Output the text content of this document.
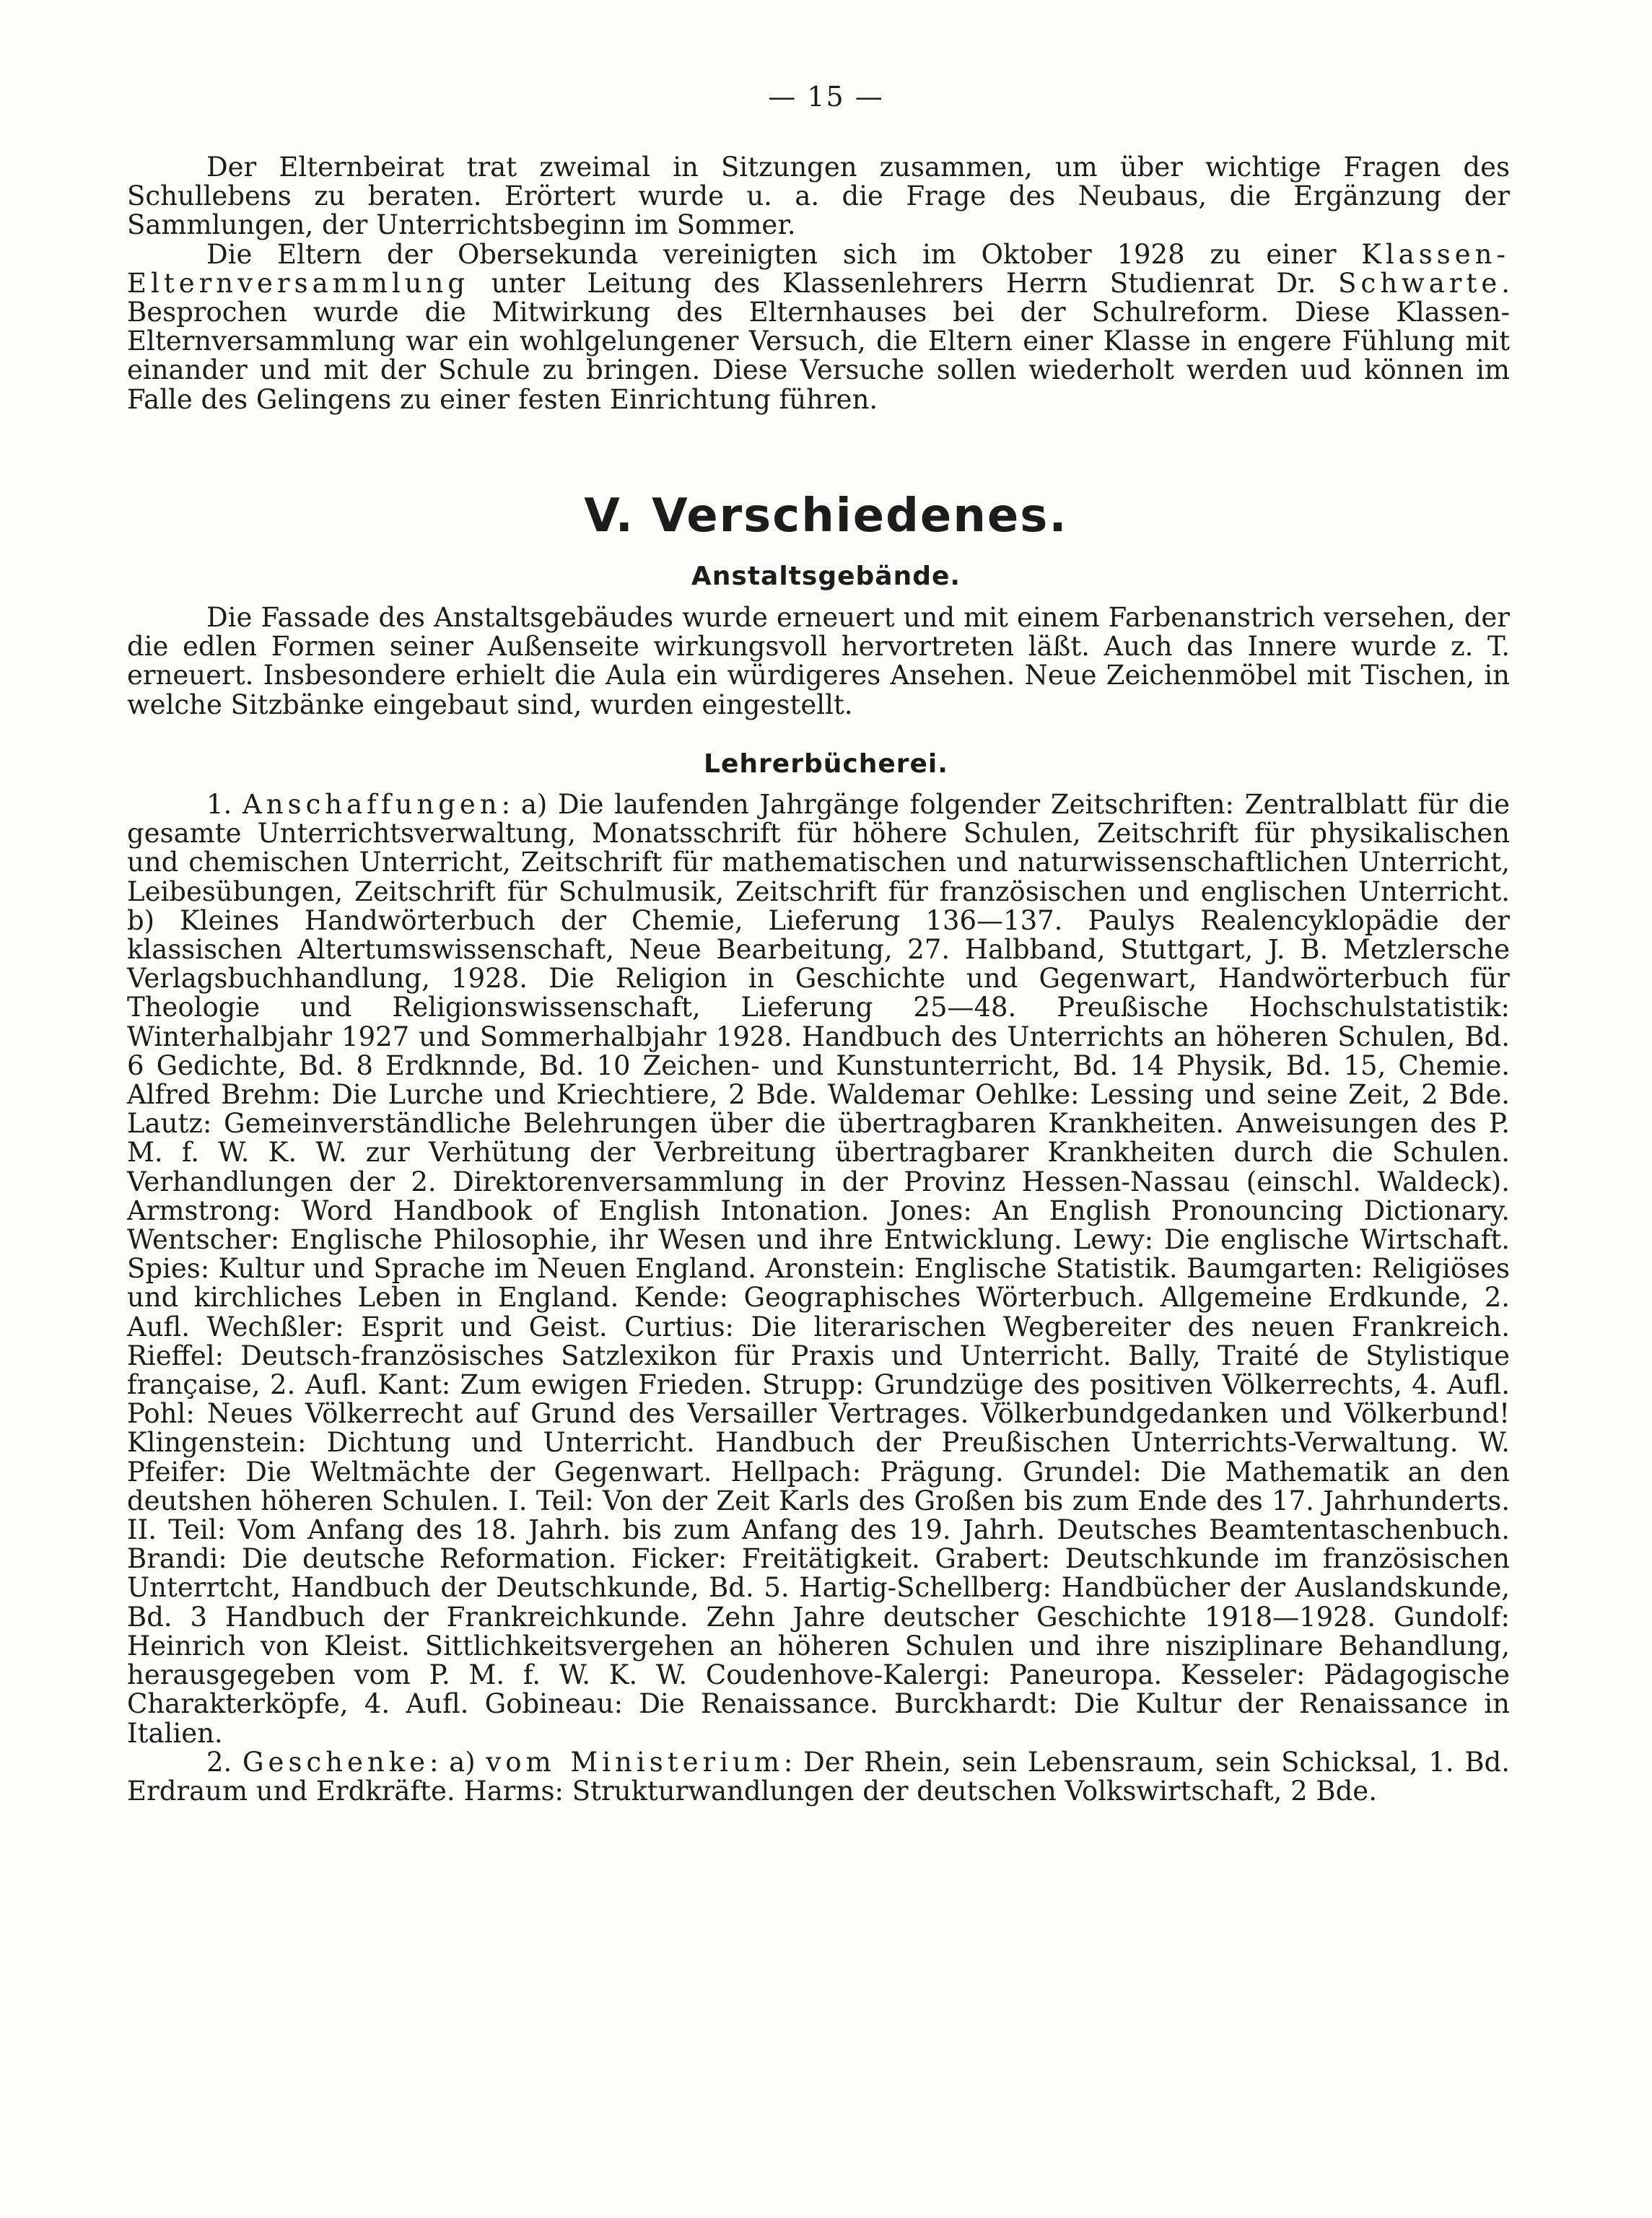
— 15 —

Der Elternbeirat trat zweimal in Sitzungen zusammen, um über wichtige Fragen des Schullebens zu beraten. Erörtert wurde u. a. die Frage des Neubaus, die Ergänzung der Sammlungen, der Unterrichtsbeginn im Sommer.

Die Eltern der Obersekunda vereinigten sich im Oktober 1928 zu einer Klassen-Elternversammlung unter Leitung des Klassenlehrers Herrn Studienrat Dr. Schwarte. Besprochen wurde die Mitwirkung des Elternhauses bei der Schulreform. Diese Klassen-Elternversammlung war ein wohlgelungener Versuch, die Eltern einer Klasse in engere Fühlung mit einander und mit der Schule zu bringen. Diese Versuche sollen wiederholt werden uud können im Falle des Gelingens zu einer festen Einrichtung führen.

V. Verschiedenes.
Anstaltsgebände.

Die Fassade des Anstaltsgebäudes wurde erneuert und mit einem Farbenanstrich versehen, der die edlen Formen seiner Außenseite wirkungsvoll hervortreten läßt. Auch das Innere wurde z. T. erneuert. Insbesondere erhielt die Aula ein würdigeres Ansehen. Neue Zeichenmöbel mit Tischen, in welche Sitzbänke eingebaut sind, wurden eingestellt.

Lehrerbücherei.

1. Anschaffungen: a) Die laufenden Jahrgänge folgender Zeitschriften: Zentralblatt für die gesamte Unterrichtsverwaltung, Monatsschrift für höhere Schulen, Zeitschrift für physikalischen und chemischen Unterricht, Zeitschrift für mathematischen und naturwissenschaftlichen Unterricht, Leibesübungen, Zeitschrift für Schulmusik, Zeitschrift für französischen und englischen Unterricht. b) Kleines Handwörterbuch der Chemie, Lieferung 136—137. Paulys Realencyklopädie der klassischen Altertumswissenschaft, Neue Bearbeitung, 27. Halbband, Stuttgart, J. B. Metzlersche Verlagsbuchhandlung, 1928. Die Religion in Geschichte und Gegenwart, Handwörterbuch für Theologie und Religionswissenschaft, Lieferung 25—48. Preußische Hochschulstatistik: Winterhalbjahr 1927 und Sommerhalbjahr 1928. Handbuch des Unterrichts an höheren Schulen, Bd. 6 Gedichte, Bd. 8 Erdknnde, Bd. 10 Zeichen- und Kunstunterricht, Bd. 14 Physik, Bd. 15, Chemie. Alfred Brehm: Die Lurche und Kriechtiere, 2 Bde. Waldemar Oehlke: Lessing und seine Zeit, 2 Bde. Lautz: Gemeinverständliche Belehrungen über die übertragbaren Krankheiten. Anweisungen des P. M. f. W. K. W. zur Verhütung der Verbreitung übertragbarer Krankheiten durch die Schulen. Verhandlungen der 2. Direktorenversammlung in der Provinz Hessen-Nassau (einschl. Waldeck). Armstrong: Word Handbook of English Intonation. Jones: An English Pronouncing Dictionary. Wentscher: Englische Philosophie, ihr Wesen und ihre Entwicklung. Lewy: Die englische Wirtschaft. Spies: Kultur und Sprache im Neuen England. Aronstein: Englische Statistik. Baumgarten: Religiöses und kirchliches Leben in England. Kende: Geographisches Wörterbuch. Allgemeine Erdkunde, 2. Aufl. Wechßler: Esprit und Geist. Curtius: Die literarischen Wegbereiter des neuen Frankreich. Rieffel: Deutsch-französisches Satzlexikon für Praxis und Unterricht. Bally, Traité de Stylistique française, 2. Aufl. Kant: Zum ewigen Frieden. Strupp: Grundzüge des positiven Völkerrechts, 4. Aufl. Pohl: Neues Völkerrecht auf Grund des Versailler Vertrages. Völkerbundgedanken und Völkerbund! Klingenstein: Dichtung und Unterricht. Handbuch der Preußischen Unterrichts-Verwaltung. W. Pfeifer: Die Weltmächte der Gegenwart. Hellpach: Prägung. Grundel: Die Mathematik an den deutshen höheren Schulen. I. Teil: Von der Zeit Karls des Großen bis zum Ende des 17. Jahrhunderts. II. Teil: Vom Anfang des 18. Jahrh. bis zum Anfang des 19. Jahrh. Deutsches Beamtentaschenbuch. Brandi: Die deutsche Reformation. Ficker: Freitätigkeit. Grabert: Deutschkunde im französischen Unterrtcht, Handbuch der Deutschkunde, Bd. 5. Hartig-Schellberg: Handbücher der Auslandskunde, Bd. 3 Handbuch der Frankreichkunde. Zehn Jahre deutscher Geschichte 1918—1928. Gundolf: Heinrich von Kleist. Sittlichkeitsvergehen an höheren Schulen und ihre nisziplinare Behandlung, herausgegeben vom P. M. f. W. K. W. Coudenhove-Kalergi: Paneuropa. Kesseler: Pädagogische Charakterköpfe, 4. Aufl. Gobineau: Die Renaissance. Burckhardt: Die Kultur der Renaissance in Italien.

2. Geschenke: a) vom Ministerium: Der Rhein, sein Lebensraum, sein Schicksal, 1. Bd. Erdraum und Erdkräfte. Harms: Strukturwandlungen der deutschen Volkswirtschaft, 2 Bde.
